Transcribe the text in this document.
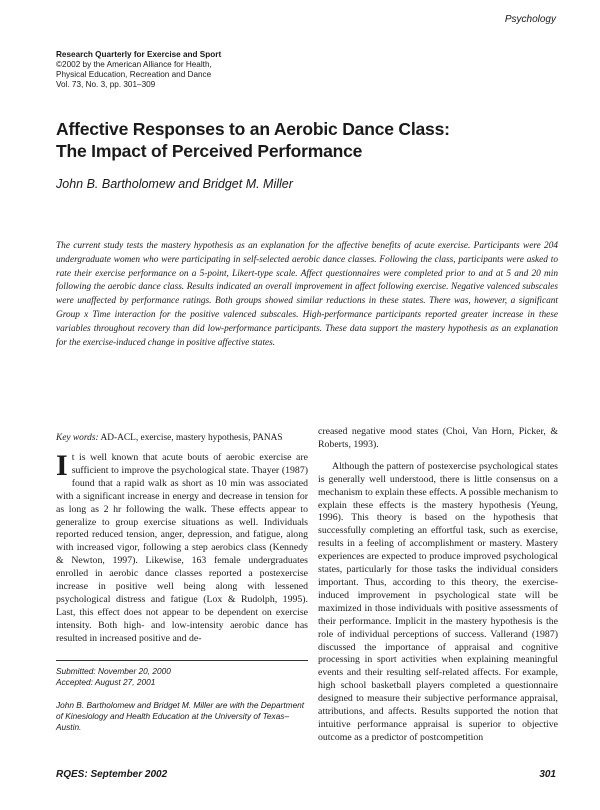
Psychology
Research Quarterly for Exercise and Sport
©2002 by the American Alliance for Health,
Physical Education, Recreation and Dance
Vol. 73, No. 3, pp. 301–309
Affective Responses to an Aerobic Dance Class:
The Impact of Perceived Performance
John B. Bartholomew and Bridget M. Miller
The current study tests the mastery hypothesis as an explanation for the affective benefits of acute exercise. Participants were 204 undergraduate women who were participating in self-selected aerobic dance classes. Following the class, participants were asked to rate their exercise performance on a 5-point, Likert-type scale. Affect questionnaires were completed prior to and at 5 and 20 min following the aerobic dance class. Results indicated an overall improvement in affect following exercise. Negative valenced subscales were unaffected by performance ratings. Both groups showed similar reductions in these states. There was, however, a significant Group x Time interaction for the positive valenced subscales. High-performance participants reported greater increase in these variables throughout recovery than did low-performance participants. These data support the mastery hypothesis as an explanation for the exercise-induced change in positive affective states.
Key words: AD-ACL, exercise, mastery hypothesis, PANAS

It is well known that acute bouts of aerobic exercise are sufficient to improve the psychological state. Thayer (1987) found that a rapid walk as short as 10 min was associated with a significant increase in energy and decrease in tension for as long as 2 hr following the walk. These effects appear to generalize to group exercise situations as well. Individuals reported reduced tension, anger, depression, and fatigue, along with increased vigor, following a step aerobics class (Kennedy & Newton, 1997). Likewise, 163 female undergraduates enrolled in aerobic dance classes reported a postexercise increase in positive well being along with lessened psychological distress and fatigue (Lox & Rudolph, 1995). Last, this effect does not appear to be dependent on exercise intensity. Both high- and low-intensity aerobic dance has resulted in increased positive and de-

creased negative mood states (Choi, Van Horn, Picker, & Roberts, 1993).

Although the pattern of postexercise psychological states is generally well understood, there is little consensus on a mechanism to explain these effects. A possible mechanism to explain these effects is the mastery hypothesis (Yeung, 1996). This theory is based on the hypothesis that successfully completing an effortful task, such as exercise, results in a feeling of accomplishment or mastery. Mastery experiences are expected to produce improved psychological states, particularly for those tasks the individual considers important. Thus, according to this theory, the exercise-induced improvement in psychological state will be maximized in those individuals with positive assessments of their performance. Implicit in the mastery hypothesis is the role of individual perceptions of success. Vallerand (1987) discussed the importance of appraisal and cognitive processing in sport activities when explaining meaningful events and their resulting self-related affects. For example, high school basketball players completed a questionnaire designed to measure their subjective performance appraisal, attributions, and affects. Results supported the notion that intuitive performance appraisal is superior to objective outcome as a predictor of postcompetition

Submitted: November 20, 2000
Accepted: August 27, 2001
John B. Bartholomew and Bridget M. Miller are with the Department of Kinesiology and Health Education at the University of Texas–Austin.
RQES: September 2002	301
